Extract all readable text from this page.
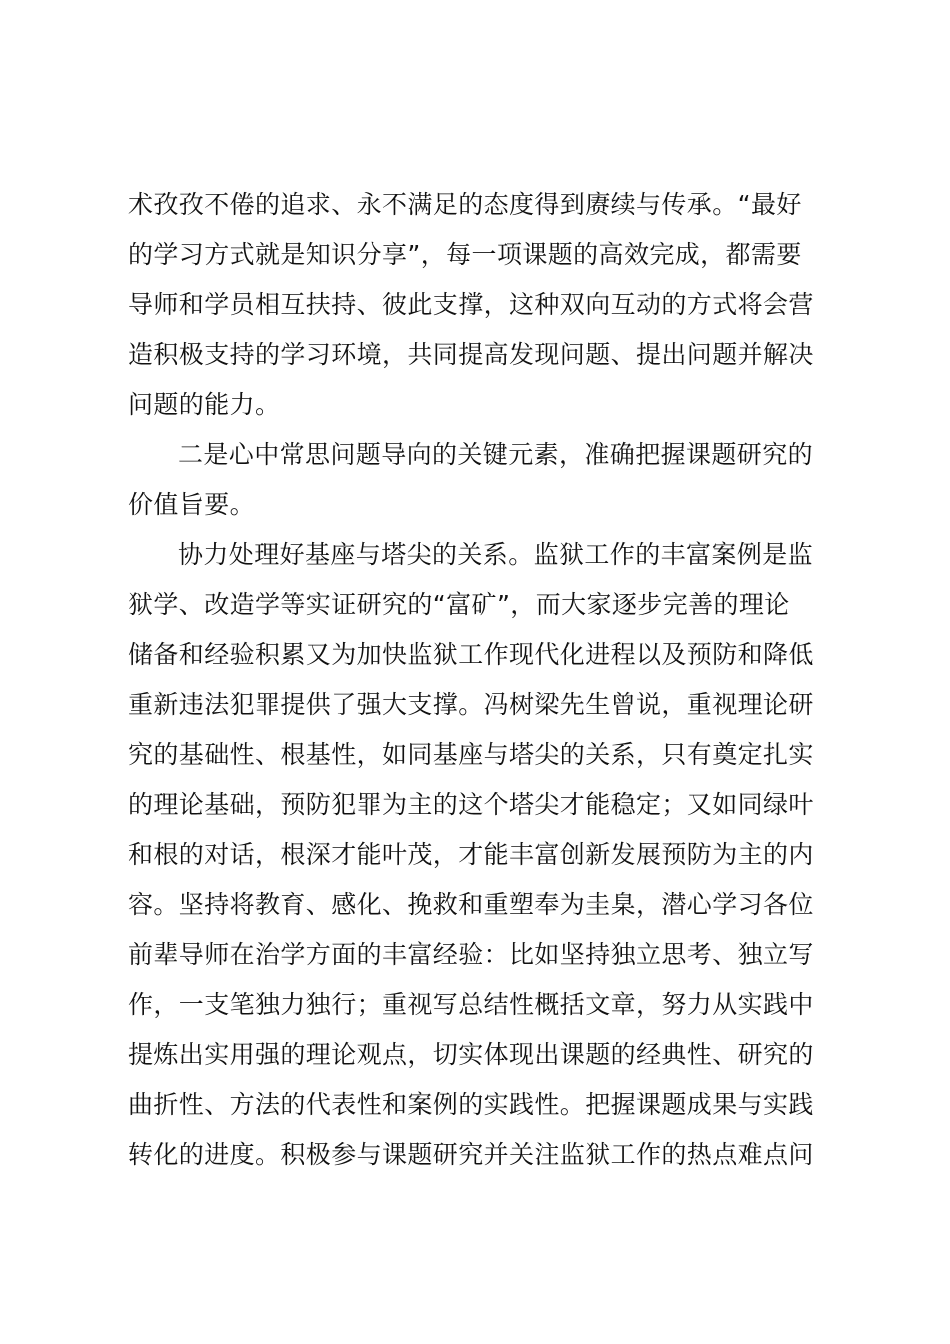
术孜孜不倦的追求、永不满足的态度得到赓续与传承。“最好
的学习方式就是知识分享”，每一项课题的高效完成，都需要
导师和学员相互扶持、彼此支撑，这种双向互动的方式将会营
造积极支持的学习环境，共同提高发现问题、提出问题并解决
问题的能力。
二是心中常思问题导向的关键元素，准确把握课题研究的
价值旨要。
协力处理好基座与塔尖的关系。监狱工作的丰富案例是监
狱学、改造学等实证研究的“富矿”，而大家逐步完善的理论
储备和经验积累又为加快监狱工作现代化进程以及预防和降低
重新违法犯罪提供了强大支撑。冯树梁先生曾说，重视理论研
究的基础性、根基性，如同基座与塔尖的关系，只有奠定扎实
的理论基础，预防犯罪为主的这个塔尖才能稳定；又如同绿叶
和根的对话，根深才能叶茂，才能丰富创新发展预防为主的内
容。坚持将教育、感化、挽救和重塑奉为圭臬，潜心学习各位
前辈导师在治学方面的丰富经验：比如坚持独立思考、独立写
作，一支笔独力独行；重视写总结性概括文章，努力从实践中
提炼出实用强的理论观点，切实体现出课题的经典性、研究的
曲折性、方法的代表性和案例的实践性。把握课题成果与实践
转化的进度。积极参与课题研究并关注监狱工作的热点难点问
